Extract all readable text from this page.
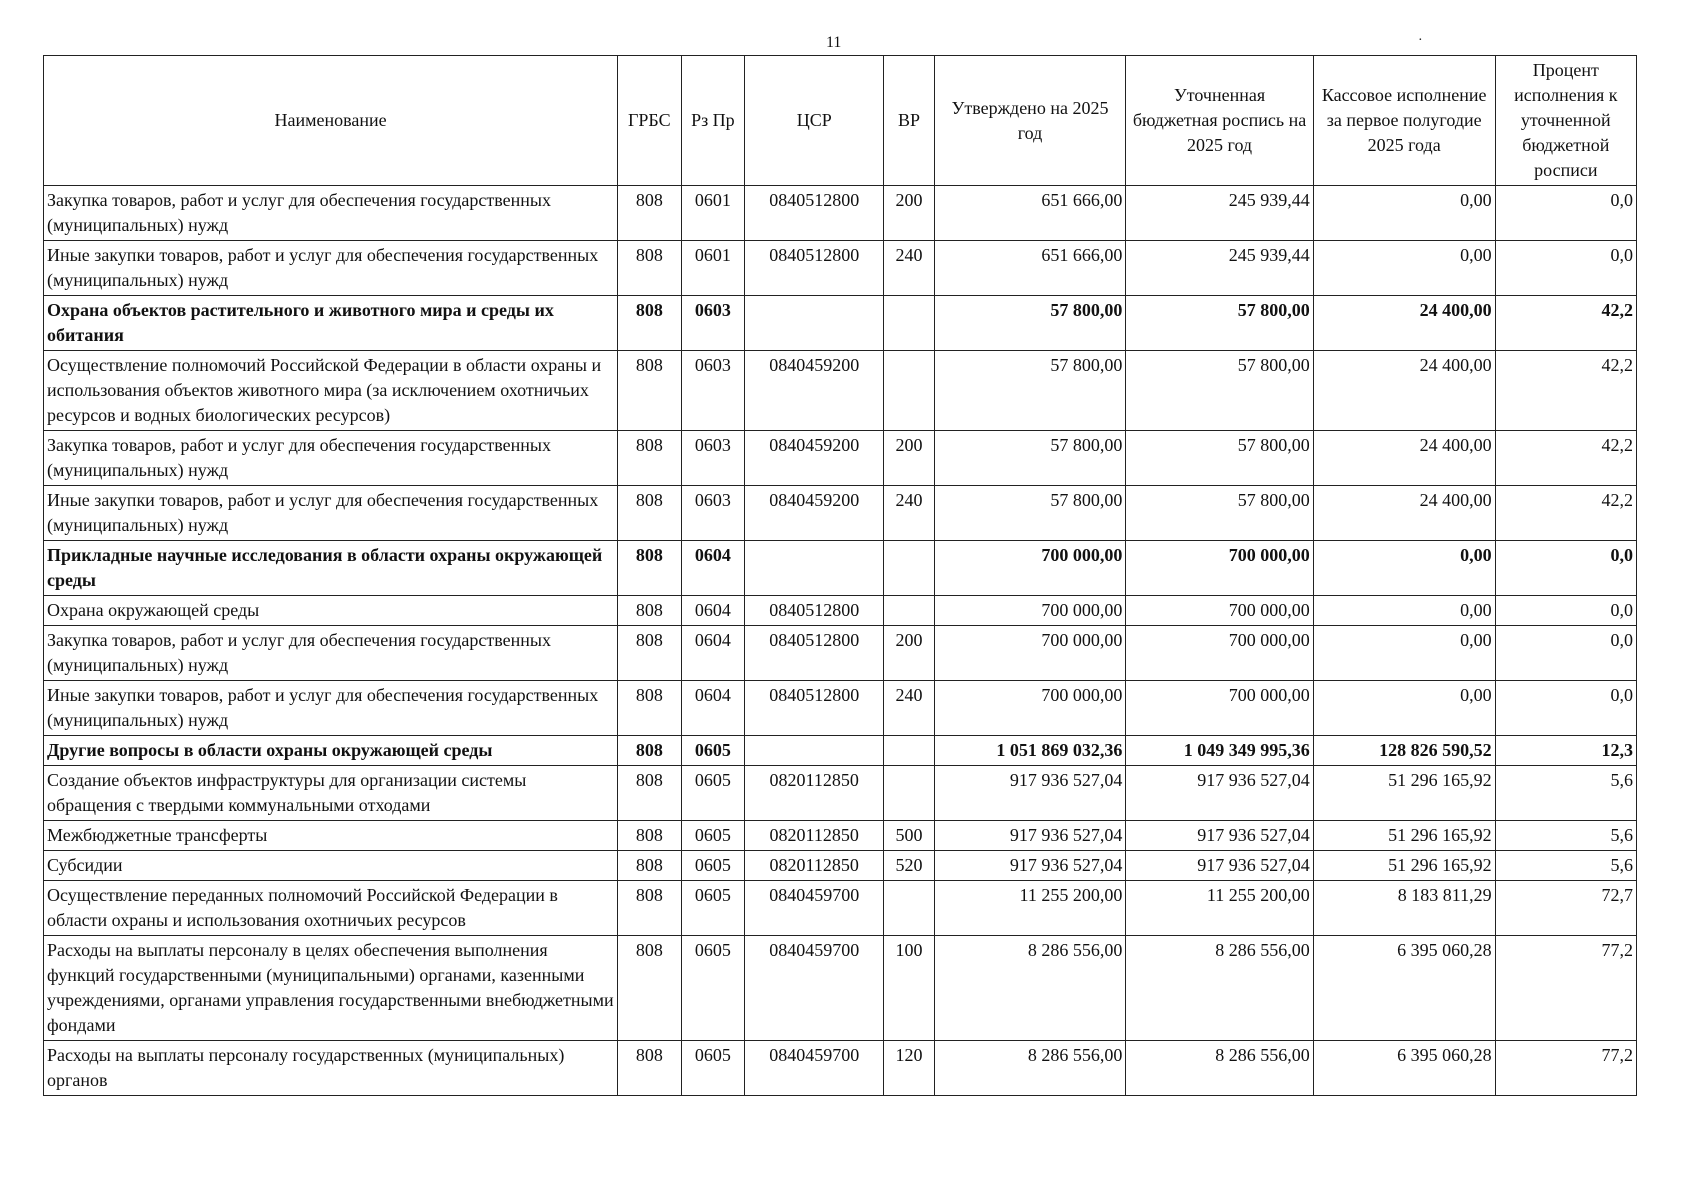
11	·
Наименование	ГРБС	Рз Пр	ЦСР	ВР	Утверждено на 2025 год	Уточненная бюджетная роспись на 2025 год	Кассовое исполнение за первое полугодие 2025 года	Процент исполнения к уточненной бюджетной росписи
Закупка товаров, работ и услуг для обеспечения государственных (муниципальных) нужд	808	0601	0840512800	200	651 666,00	245 939,44	0,00	0,0
Иные закупки товаров, работ и услуг для обеспечения государственных (муниципальных) нужд	808	0601	0840512800	240	651 666,00	245 939,44	0,00	0,0
Охрана объектов растительного и животного мира и среды их обитания	808	0603			57 800,00	57 800,00	24 400,00	42,2
Осуществление полномочий Российской Федерации в области охраны и использования объектов животного мира (за исключением охотничьих ресурсов и водных биологических ресурсов)	808	0603	0840459200		57 800,00	57 800,00	24 400,00	42,2
Закупка товаров, работ и услуг для обеспечения государственных (муниципальных) нужд	808	0603	0840459200	200	57 800,00	57 800,00	24 400,00	42,2
Иные закупки товаров, работ и услуг для обеспечения государственных (муниципальных) нужд	808	0603	0840459200	240	57 800,00	57 800,00	24 400,00	42,2
Прикладные научные исследования в области охраны окружающей среды	808	0604			700 000,00	700 000,00	0,00	0,0
Охрана окружающей среды	808	0604	0840512800		700 000,00	700 000,00	0,00	0,0
Закупка товаров, работ и услуг для обеспечения государственных (муниципальных) нужд	808	0604	0840512800	200	700 000,00	700 000,00	0,00	0,0
Иные закупки товаров, работ и услуг для обеспечения государственных (муниципальных) нужд	808	0604	0840512800	240	700 000,00	700 000,00	0,00	0,0
Другие вопросы в области охраны окружающей среды	808	0605			1 051 869 032,36	1 049 349 995,36	128 826 590,52	12,3
Создание объектов инфраструктуры для организации системы обращения с твердыми коммунальными отходами	808	0605	0820112850		917 936 527,04	917 936 527,04	51 296 165,92	5,6
Межбюджетные трансферты	808	0605	0820112850	500	917 936 527,04	917 936 527,04	51 296 165,92	5,6
Субсидии	808	0605	0820112850	520	917 936 527,04	917 936 527,04	51 296 165,92	5,6
Осуществление переданных полномочий Российской Федерации в области охраны и использования охотничьих ресурсов	808	0605	0840459700		11 255 200,00	11 255 200,00	8 183 811,29	72,7
Расходы на выплаты персоналу в целях обеспечения выполнения функций государственными (муниципальными) органами, казенными учреждениями, органами управления государственными внебюджетными фондами	808	0605	0840459700	100	8 286 556,00	8 286 556,00	6 395 060,28	77,2
Расходы на выплаты персоналу государственных (муниципальных) органов	808	0605	0840459700	120	8 286 556,00	8 286 556,00	6 395 060,28	77,2
